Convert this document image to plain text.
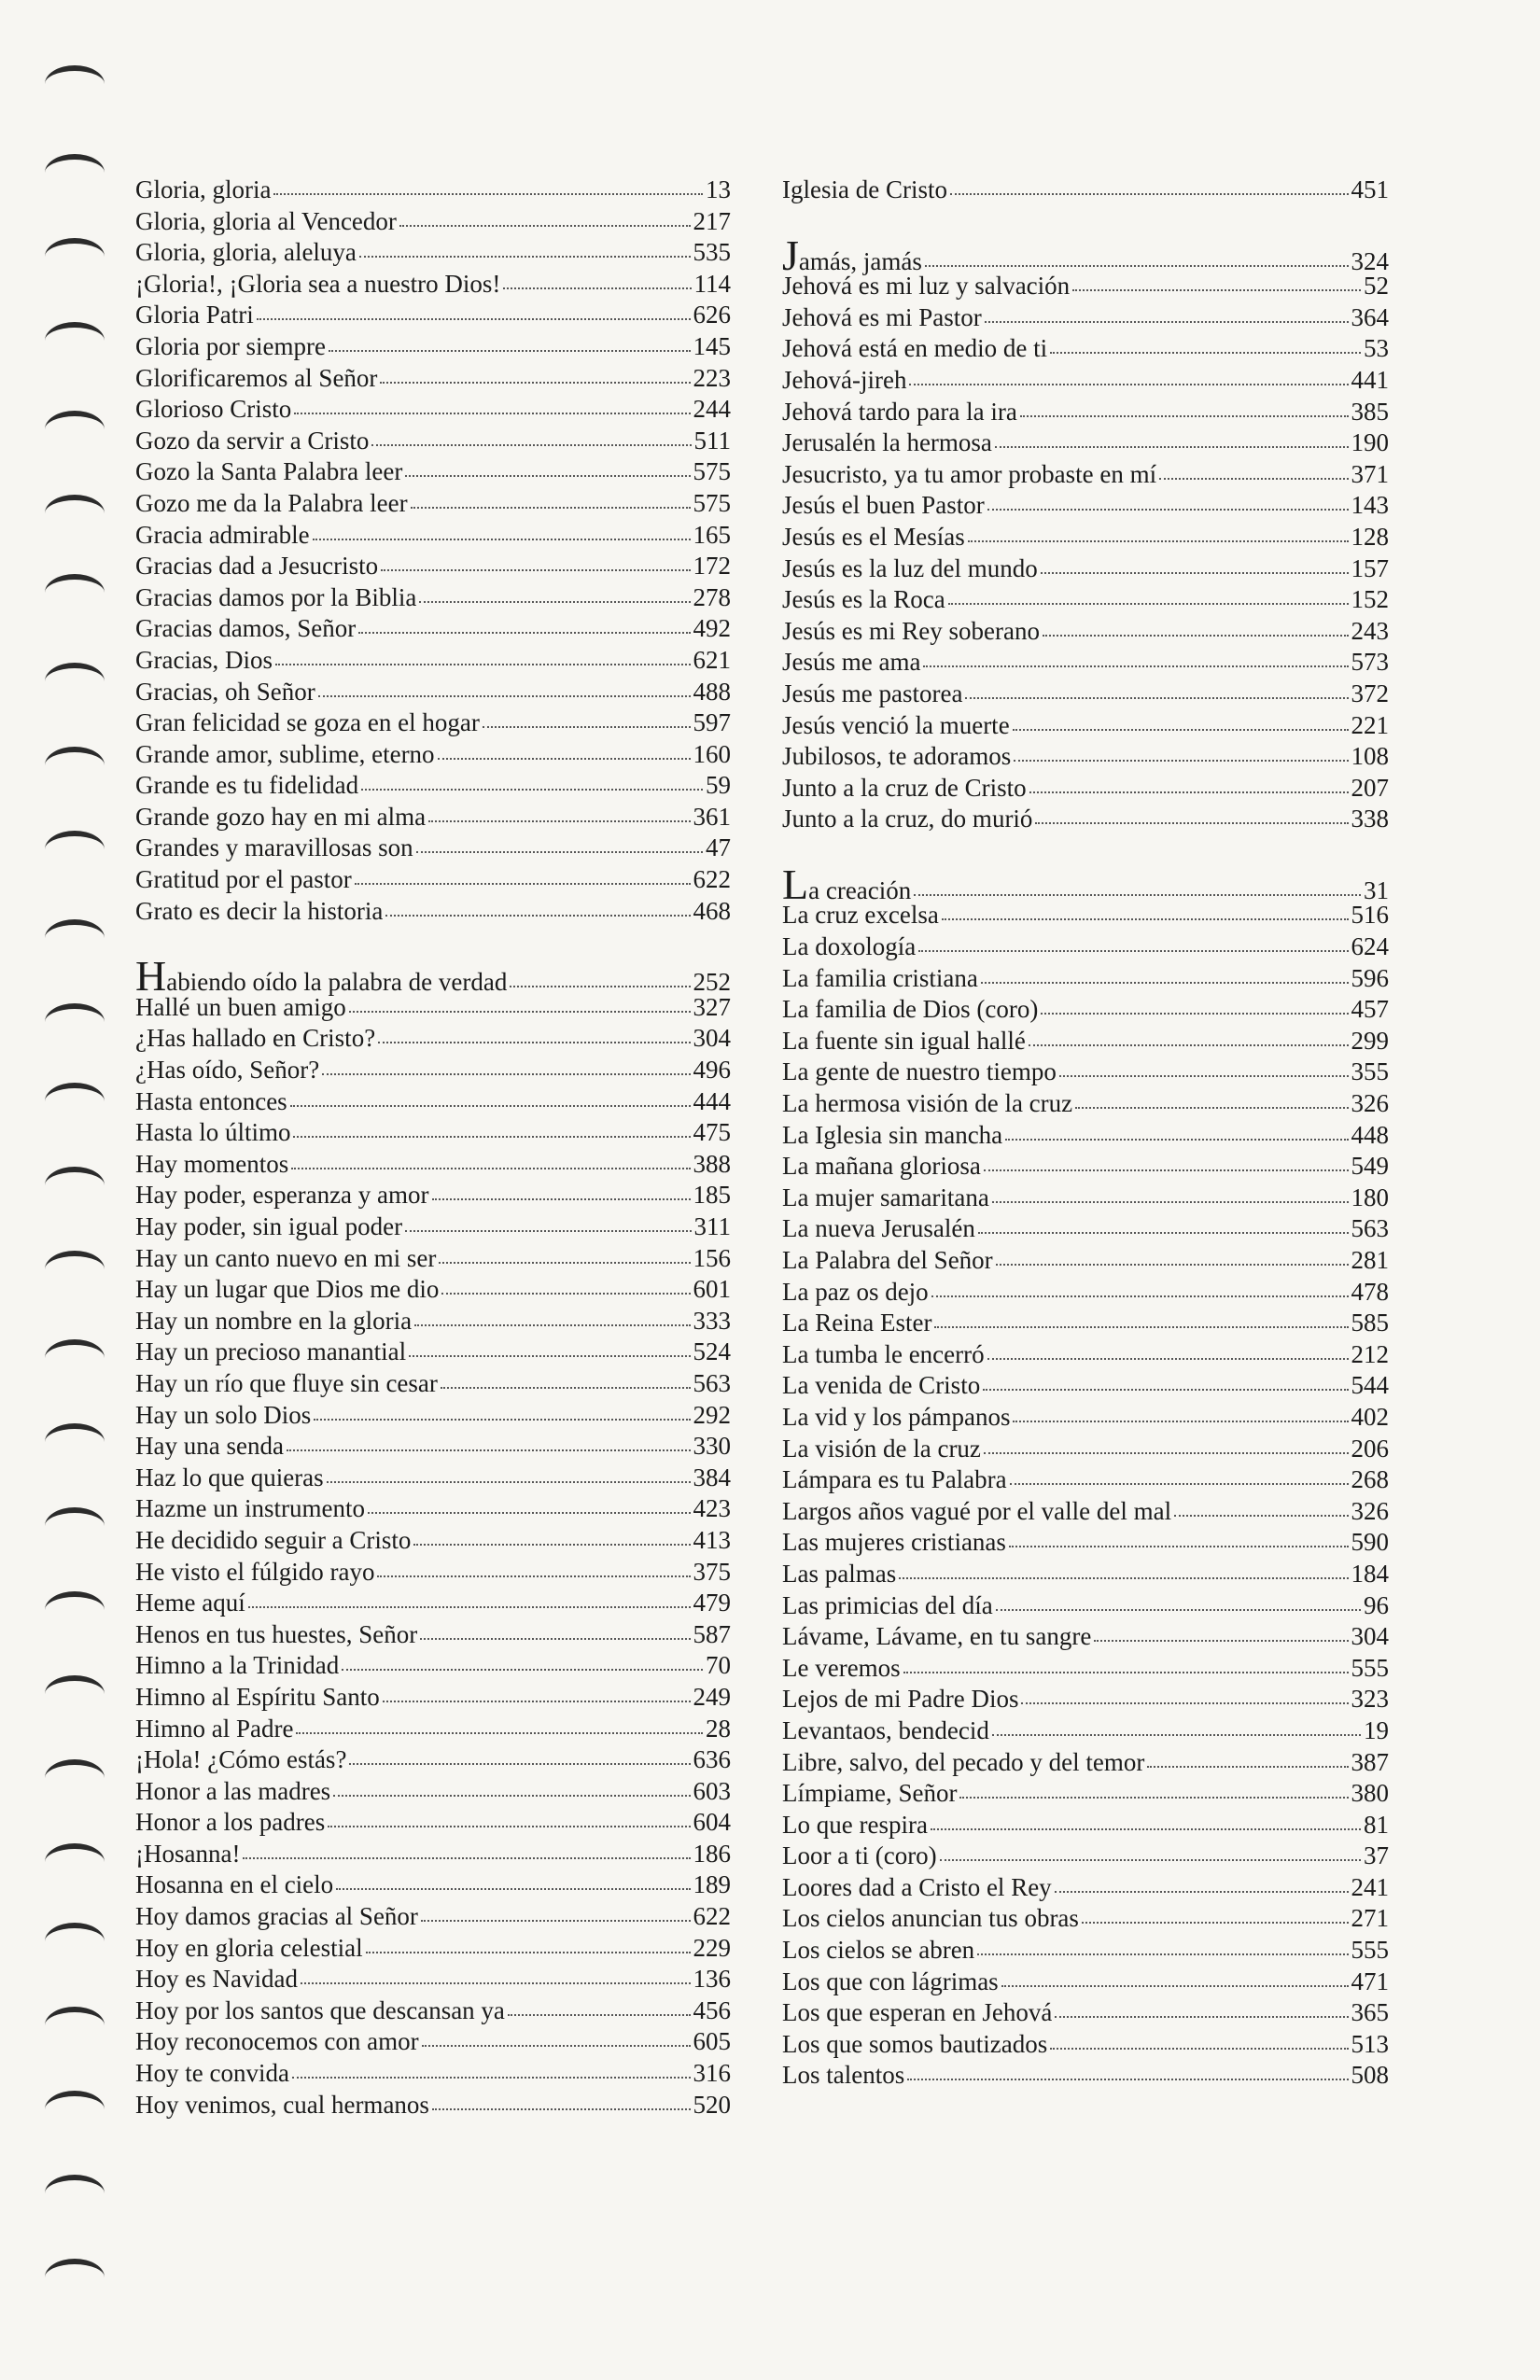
Gloria, gloria	13
Gloria, gloria al Vencedor	217
Gloria, gloria, aleluya	535
¡Gloria!, ¡Gloria sea a nuestro Dios!	114
Gloria Patri	626
Gloria por siempre	145
Glorificaremos al Señor	223
Glorioso Cristo	244
Gozo da servir a Cristo	511
Gozo la Santa Palabra leer	575
Gozo me da la Palabra leer	575
Gracia admirable	165
Gracias dad a Jesucristo	172
Gracias damos por la Biblia	278
Gracias damos, Señor	492
Gracias, Dios	621
Gracias, oh Señor	488
Gran felicidad se goza en el hogar	597
Grande amor, sublime, eterno	160
Grande es tu fidelidad	59
Grande gozo hay en mi alma	361
Grandes y maravillosas son	47
Gratitud por el pastor	622
Grato es decir la historia	468
Habiendo oído la palabra de verdad	252
Hallé un buen amigo	327
¿Has hallado en Cristo?	304
¿Has oído, Señor?	496
Hasta entonces	444
Hasta lo último	475
Hay momentos	388
Hay poder, esperanza y amor	185
Hay poder, sin igual poder	311
Hay un canto nuevo en mi ser	156
Hay un lugar que Dios me dio	601
Hay un nombre en la gloria	333
Hay un precioso manantial	524
Hay un río que fluye sin cesar	563
Hay un solo Dios	292
Hay una senda	330
Haz lo que quieras	384
Hazme un instrumento	423
He decidido seguir a Cristo	413
He visto el fúlgido rayo	375
Heme aquí	479
Henos en tus huestes, Señor	587
Himno a la Trinidad	70
Himno al Espíritu Santo	249
Himno al Padre	28
¡Hola! ¿Cómo estás?	636
Honor a las madres	603
Honor a los padres	604
¡Hosanna!	186
Hosanna en el cielo	189
Hoy damos gracias al Señor	622
Hoy en gloria celestial	229
Hoy es Navidad	136
Hoy por los santos que descansan ya	456
Hoy reconocemos con amor	605
Hoy te convida	316
Hoy venimos, cual hermanos	520
Iglesia de Cristo	451
Jamás, jamás	324
Jehová es mi luz y salvación	52
Jehová es mi Pastor	364
Jehová está en medio de ti	53
Jehová-jireh	441
Jehová tardo para la ira	385
Jerusalén la hermosa	190
Jesucristo, ya tu amor probaste en mí	371
Jesús el buen Pastor	143
Jesús es el Mesías	128
Jesús es la luz del mundo	157
Jesús es la Roca	152
Jesús es mi Rey soberano	243
Jesús me ama	573
Jesús me pastorea	372
Jesús venció la muerte	221
Jubilosos, te adoramos	108
Junto a la cruz de Cristo	207
Junto a la cruz, do murió	338
La creación	31
La cruz excelsa	516
La doxología	624
La familia cristiana	596
La familia de Dios (coro)	457
La fuente sin igual hallé	299
La gente de nuestro tiempo	355
La hermosa visión de la cruz	326
La Iglesia sin mancha	448
La mañana gloriosa	549
La mujer samaritana	180
La nueva Jerusalén	563
La Palabra del Señor	281
La paz os dejo	478
La Reina Ester	585
La tumba le encerró	212
La venida de Cristo	544
La vid y los pámpanos	402
La visión de la cruz	206
Lámpara es tu Palabra	268
Largos años vagué por el valle del mal	326
Las mujeres cristianas	590
Las palmas	184
Las primicias del día	96
Lávame, Lávame, en tu sangre	304
Le veremos	555
Lejos de mi Padre Dios	323
Levantaos, bendecid	19
Libre, salvo, del pecado y del temor	387
Límpiame, Señor	380
Lo que respira	81
Loor a ti (coro)	37
Loores dad a Cristo el Rey	241
Los cielos anuncian tus obras	271
Los cielos se abren	555
Los que con lágrimas	471
Los que esperan en Jehová	365
Los que somos bautizados	513
Los talentos	508
